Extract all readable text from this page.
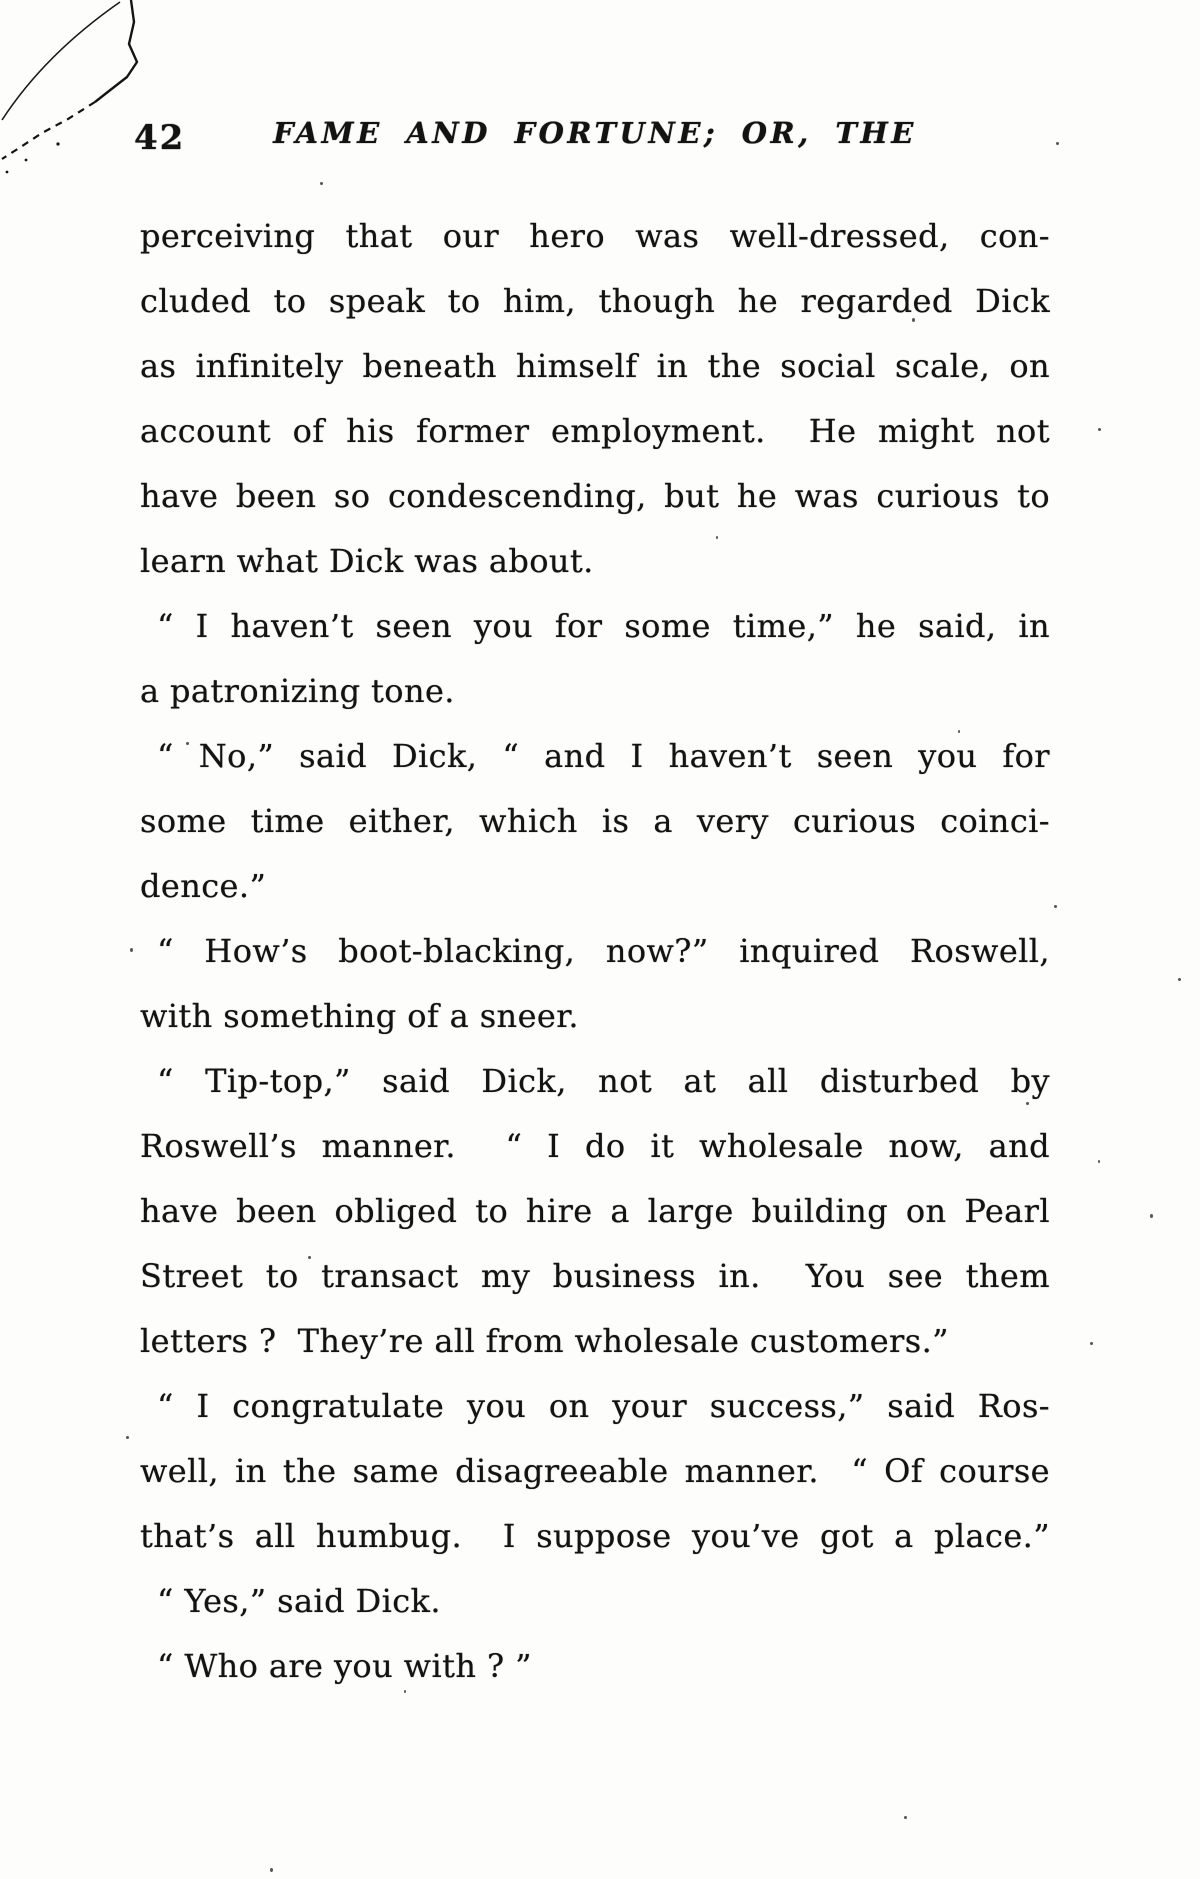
42	FAME AND FORTUNE; OR, THE

perceiving that our hero was well-dressed, con-
cluded to speak to him, though he regarded Dick
as infinitely beneath himself in the social scale, on
account of his former employment.  He might not
have been so condescending, but he was curious to
learn what Dick was about.

“ I haven’t seen you for some time,” he said, in
a patronizing tone.

“ No,” said Dick, “ and I haven’t seen you for
some time either, which is a very curious coinci-
dence.”

“ How’s boot-blacking, now?” inquired Roswell,
with something of a sneer.

“ Tip-top,” said Dick, not at all disturbed by
Roswell’s manner.  “ I do it wholesale now, and
have been obliged to hire a large building on Pearl
Street to transact my business in.  You see them
letters ?  They’re all from wholesale customers.”

“ I congratulate you on your success,” said Ros-
well, in the same disagreeable manner.  “ Of course
that’s all humbug.  I suppose you’ve got a place.”

“ Yes,” said Dick.

“ Who are you with ? ”
